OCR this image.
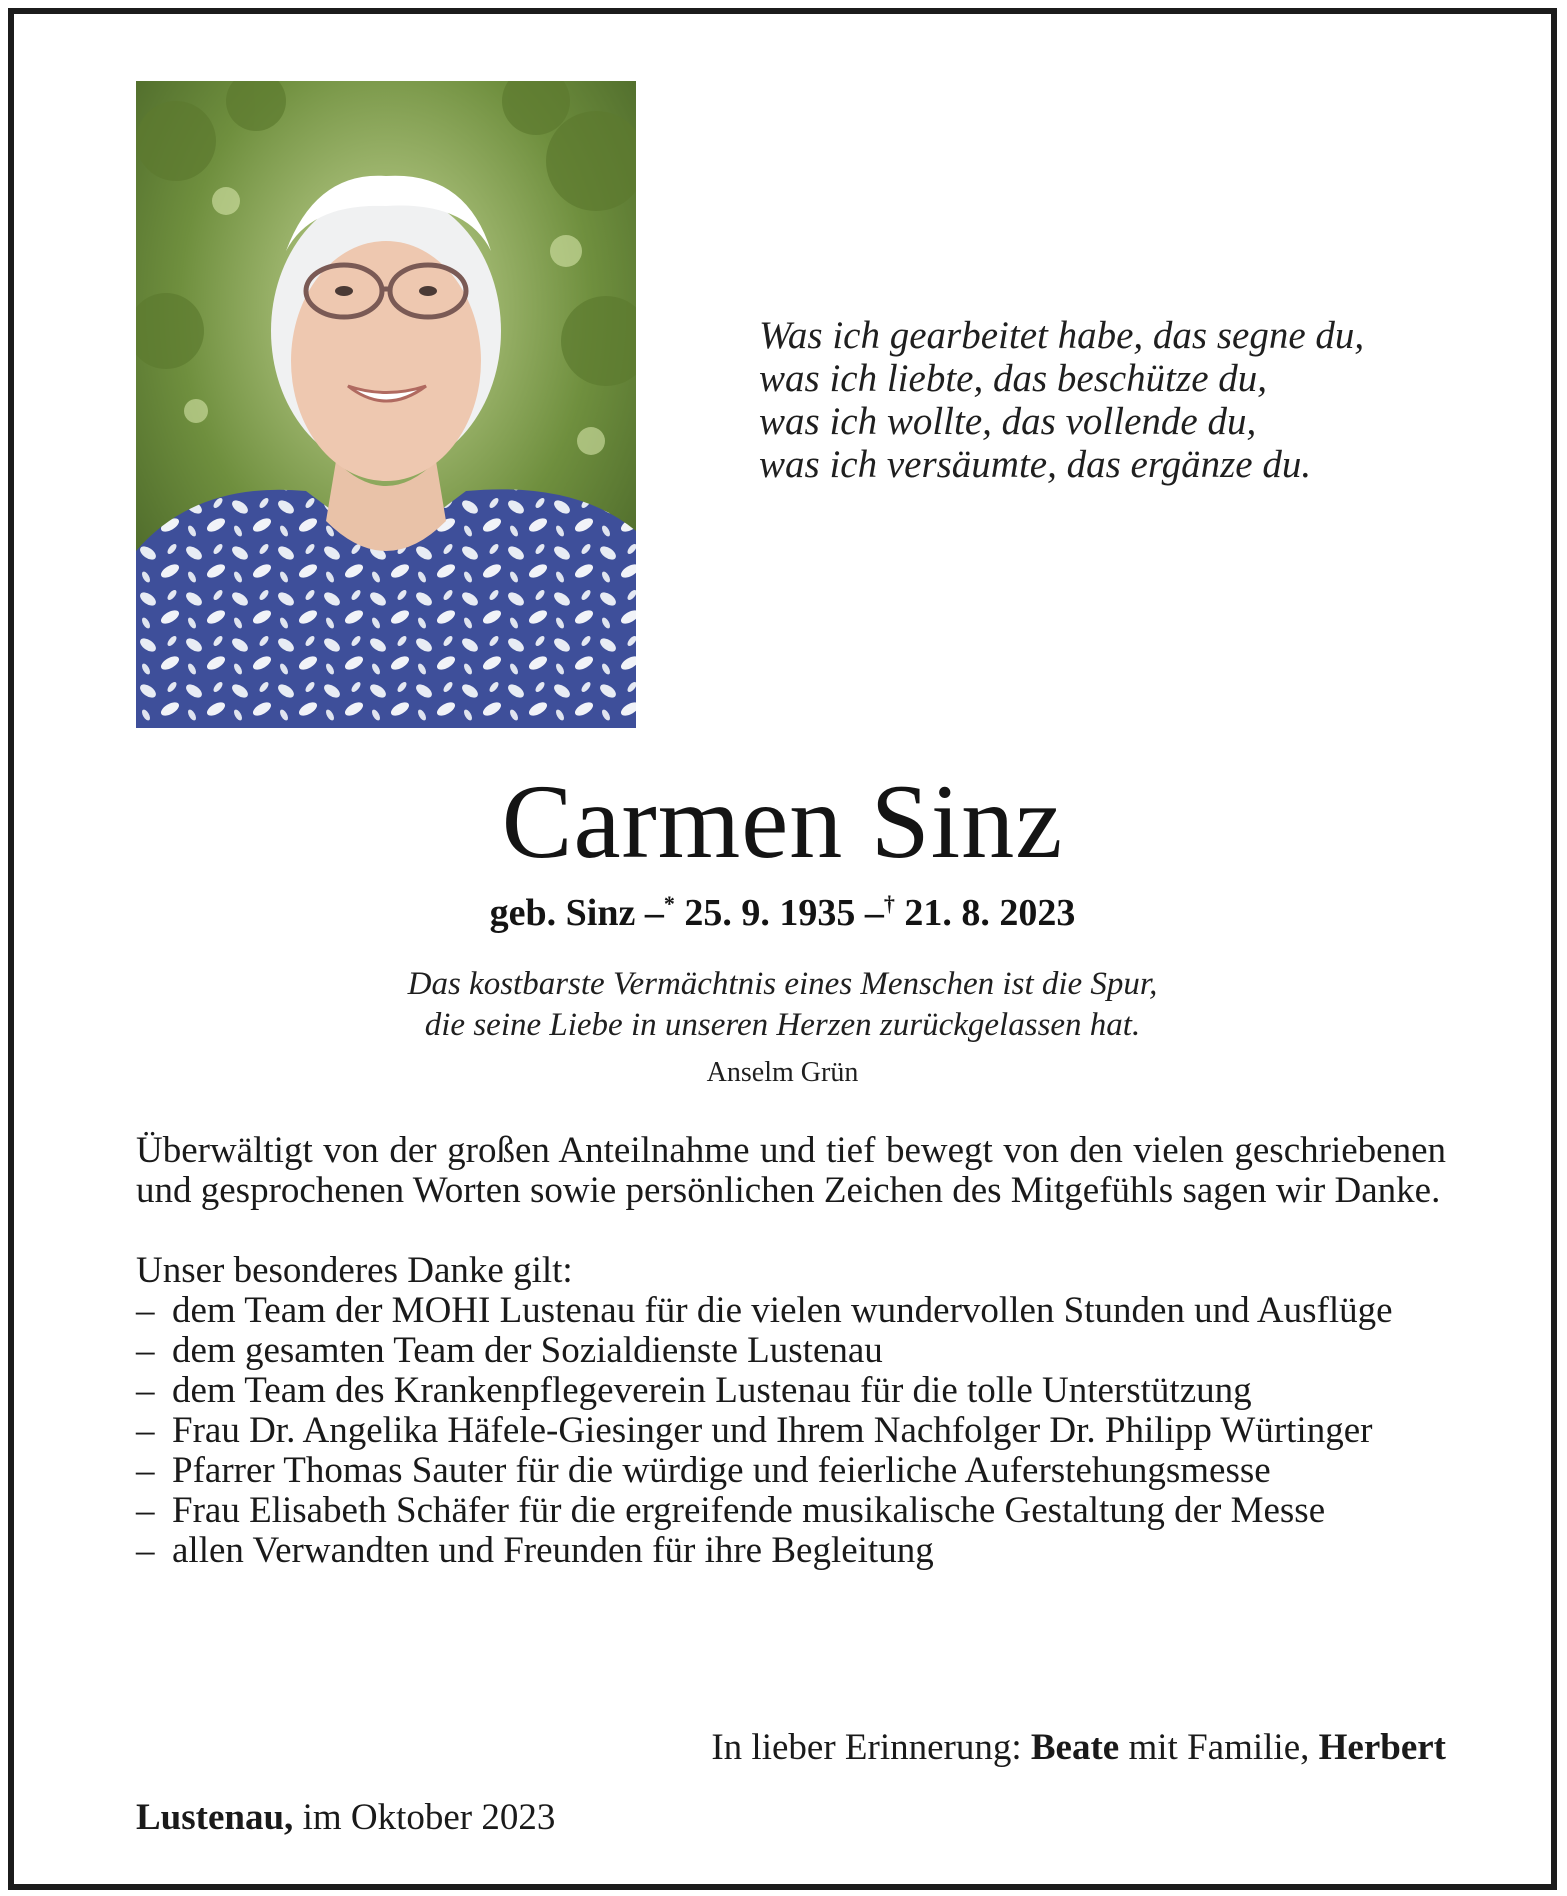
Was ich gearbeitet habe, das segne du,
was ich liebte, das beschütze du,
was ich wollte, das vollende du,
was ich versäumte, das ergänze du.
Carmen Sinz
geb. Sinz –* 25. 9. 1935 –† 21. 8. 2023
Das kostbarste Vermächtnis eines Menschen ist die Spur,
die seine Liebe in unseren Herzen zurückgelassen hat.
Anselm Grün
Überwältigt von der großen Anteilnahme und tief bewegt von den vielen geschriebenen und gesprochenen Worten sowie persönlichen Zeichen des Mitgefühls sagen wir Danke.
Unser besonderes Danke gilt:
– dem Team der MOHI Lustenau für die vielen wundervollen Stunden und Ausflüge
– dem gesamten Team der Sozialdienste Lustenau
– dem Team des Krankenpflegeverein Lustenau für die tolle Unterstützung
– Frau Dr. Angelika Häfele-Giesinger und Ihrem Nachfolger Dr. Philipp Würtinger
– Pfarrer Thomas Sauter für die würdige und feierliche Auferstehungsmesse
– Frau Elisabeth Schäfer für die ergreifende musikalische Gestaltung der Messe
– allen Verwandten und Freunden für ihre Begleitung
In lieber Erinnerung: Beate mit Familie, Herbert
Lustenau, im Oktober 2023
